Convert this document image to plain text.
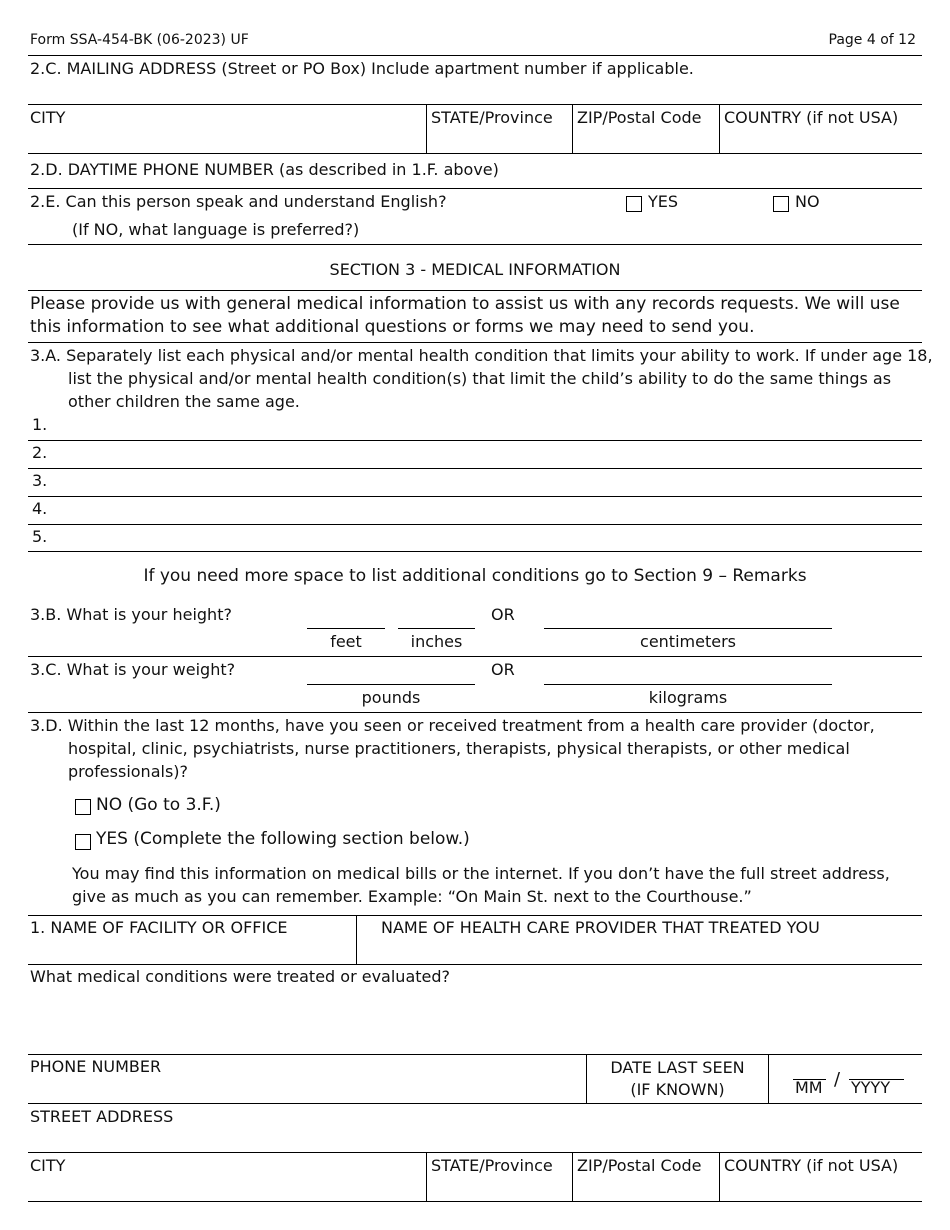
Form SSA-454-BK (06-2023) UF	Page 4 of 12
2.C. MAILING ADDRESS (Street or PO Box) Include apartment number if applicable.
CITY	STATE/Province ZIP/Postal Code COUNTRY (if not USA)
2.D. DAYTIME PHONE NUMBER (as described in 1.F. above)
2.E. Can this person speak and understand English?	YES	NO
(If NO, what language is preferred?)
SECTION 3 - MEDICAL INFORMATION
Please provide us with general medical information to assist us with any records requests. We will use this information to see what additional questions or forms we may need to send you.
3.A. Separately list each physical and/or mental health condition that limits your ability to work. If under age 18, list the physical and/or mental health condition(s) that limit the child’s ability to do the same things as other children the same age.
1.
2.
3.
4.
5.
If you need more space to list additional conditions go to Section 9 – Remarks
3.B. What is your height?	OR
feet	inches	centimeters
3.C. What is your weight?	OR
pounds	kilograms
3.D. Within the last 12 months, have you seen or received treatment from a health care provider (doctor, hospital, clinic, psychiatrists, nurse practitioners, therapists, physical therapists, or other medical professionals)?
NO (Go to 3.F.)
YES (Complete the following section below.)
You may find this information on medical bills or the internet. If you don’t have the full street address, give as much as you can remember. Example: “On Main St. next to the Courthouse.”
1. NAME OF FACILITY OR OFFICE	NAME OF HEALTH CARE PROVIDER THAT TREATED YOU
What medical conditions were treated or evaluated?
PHONE NUMBER	DATE LAST SEEN
(IF KNOWN)	MM / YYYY
STREET ADDRESS
CITY	STATE/Province ZIP/Postal Code COUNTRY (if not USA)
